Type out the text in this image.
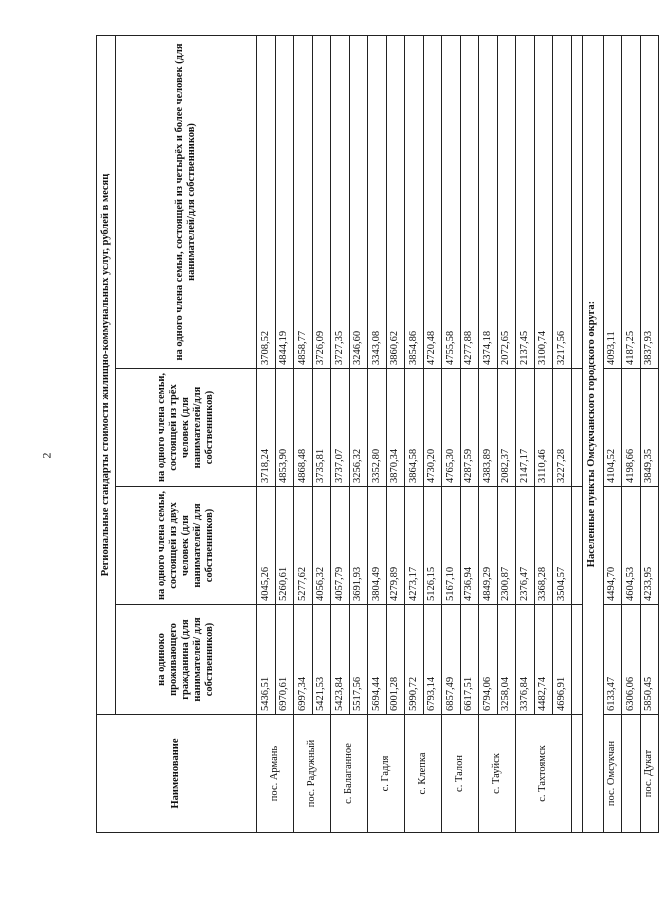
2
Наименование	Региональные стандарты стоимости жилищно-коммунальных услуг, рублей в месяц			
	на одиноко проживающего гражданина (для нанимателей/ для собственников)	на одного члена семьи, состоящей из двух человек (для нанимателей/ для собственников)	на одного члена семьи, состоящей из трёх человек (для нанимателей/для собственников)	на одного члена семьи, состоящей из четырёх и более человек (для нанимателей/для собственников)
пос. Армань	5436,51	4045,26	3718,24	3708,52
	6970,61	5260,61	4853,90	4844,19
пос. Радужный	6997,34	5277,62	4868,48	4858,77
	5421,53	4056,32	3735,81	3726,09
с. Балаганное	5423,84	4057,79	3737,07	3727,35
	5517,56	3691,93	3256,32	3246,60
с. Гадля	5694,44	3804,49	3352,80	3343,08
	6001,28	4279,89	3870,34	3860,62
с. Клепка	5990,72	4273,17	3864,58	3854,86
	6793,14	5126,15	4730,20	4720,48
с. Талон	6857,49	5167,10	4765,30	4755,58
	6617,51	4736,94	4287,59	4277,88
с. Тауйск	6794,06	4849,29	4383,89	4374,18
	3258,04	2300,87	2082,37	2072,65
с. Тахтоямск	3376,84	2376,47	2147,17	2137,45
	4482,74	3368,28	3110,46	3100,74
	4696,91	3504,57	3227,28	3217,56

Населенные пункты Омсукчанского городского округа:				
пос. Омсукчан	6133,47	4494,70	4104,52	4093,11
	6306,06	4604,53	4198,66	4187,25
пос. Дукат	5850,45	4233,95	3849,35	3837,93
